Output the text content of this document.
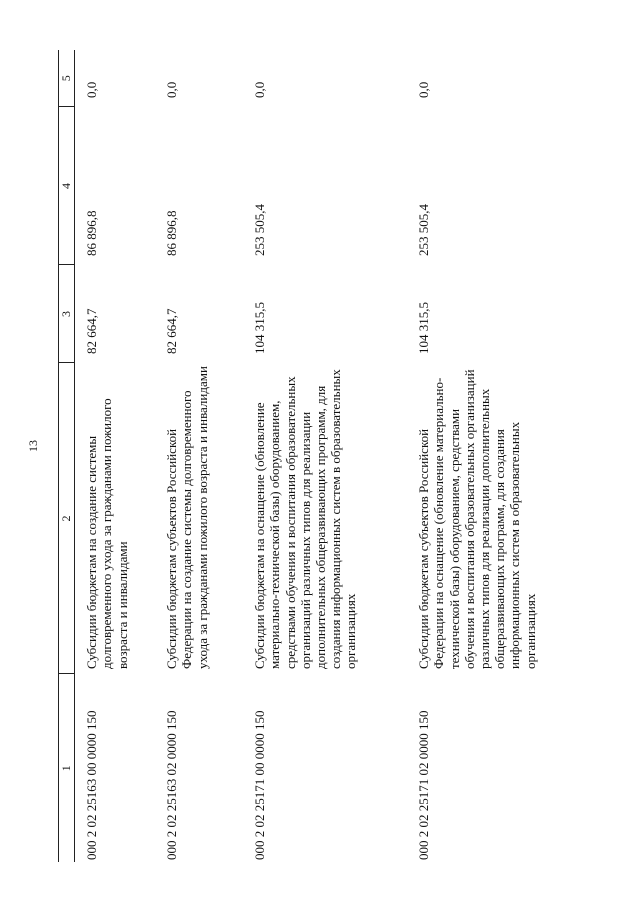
13
1	2	3	4	5
000 2 02 25163 00 0000 150	Субсидии бюджетам на создание системы долговременного ухода за гражданами пожилого возраста и инвалидами	82 664,7	86 896,8	0,0
000 2 02 25163 02 0000 150	Субсидии бюджетам субъектов Российской Федерации на создание системы долговременного ухода за гражданами пожилого возраста и инвалидами	82 664,7	86 896,8	0,0
000 2 02 25171 00 0000 150	Субсидии бюджетам на оснащение (обновление материально-технической базы) оборудованием, средствами обучения и воспитания образовательных организаций различных типов для реализации дополнительных общеразвивающих программ, для создания информационных систем в образовательных организациях	104 315,5	253 505,4	0,0
000 2 02 25171 02 0000 150	Субсидии бюджетам субъектов Российской Федерации на оснащение (обновление материально-технической базы) оборудованием, средствами обучения и воспитания образовательных организаций различных типов для реализации дополнительных общеразвивающих программ, для создания информационных систем в образовательных организациях	104 315,5	253 505,4	0,0
